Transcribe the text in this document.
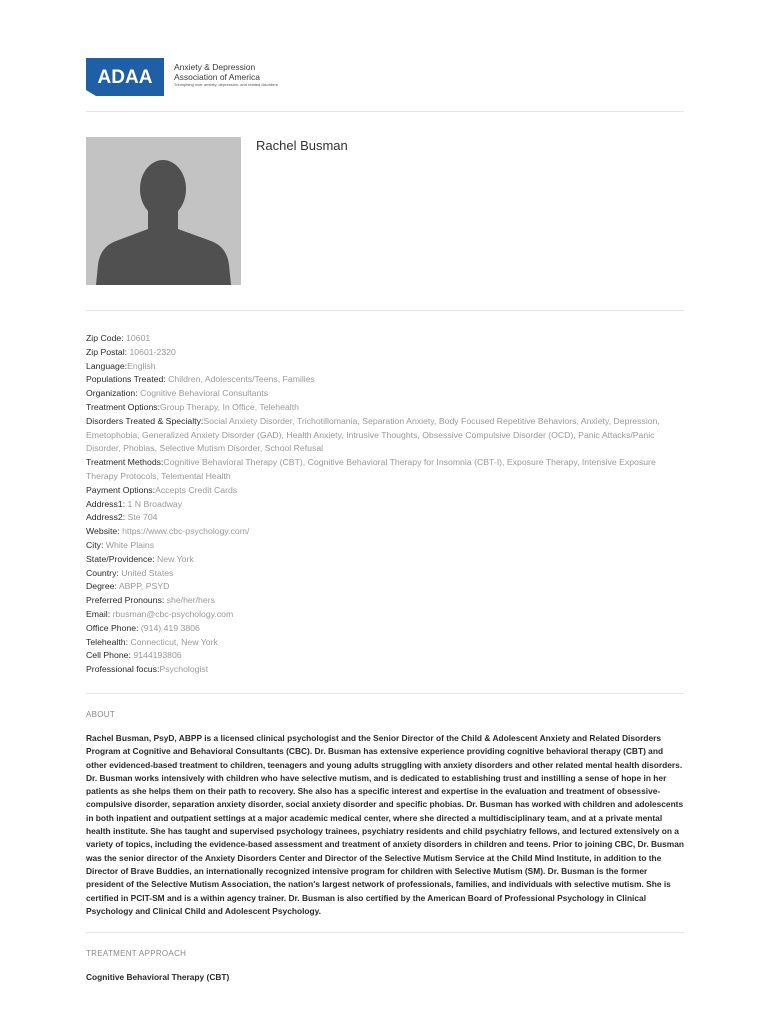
ADAA	Anxiety & Depression
Association of America
Triumphing over anxiety, depression, and related disorders
Rachel Busman
Zip Code: 10601
Zip Postal: 10601-2320
Language:English
Populations Treated: Children, Adolescents/Teens, Families
Organization: Cognitive Behavioral Consultants
Treatment Options:Group Therapy, In Office, Telehealth
Disorders Treated & Specialty:Social Anxiety Disorder, Trichotillomania, Separation Anxiety, Body Focused Repetitive Behaviors, Anxiety, Depression, Emetophobia, Generalized Anxiety Disorder (GAD), Health Anxiety, Intrusive Thoughts, Obsessive Compulsive Disorder (OCD), Panic Attacks/Panic Disorder, Phobias, Selective Mutism Disorder, School Refusal
Treatment Methods:Cognitive Behavioral Therapy (CBT), Cognitive Behavioral Therapy for Insomnia (CBT-I), Exposure Therapy, Intensive Exposure Therapy Protocols, Telemental Health
Payment Options:Accepts Credit Cards
Address1: 1 N Broadway
Address2: Ste 704
Website: https://www.cbc-psychology.com/
City: White Plains
State/Providence: New York
Country: United States
Degree: ABPP, PSYD
Preferred Pronouns: she/her/hers
Email: rbusman@cbc-psychology.com
Office Phone: (914) 419 3806
Telehealth: Connecticut, New York
Cell Phone: 9144193806
Professional focus:Psychologist
ABOUT

Rachel Busman, PsyD, ABPP is a licensed clinical psychologist and the Senior Director of the Child & Adolescent Anxiety and Related Disorders Program at Cognitive and Behavioral Consultants (CBC). Dr. Busman has extensive experience providing cognitive behavioral therapy (CBT) and other evidenced-based treatment to children, teenagers and young adults struggling with anxiety disorders and other related mental health disorders. Dr. Busman works intensively with children who have selective mutism, and is dedicated to establishing trust and instilling a sense of hope in her patients as she helps them on their path to recovery. She also has a specific interest and expertise in the evaluation and treatment of obsessive-compulsive disorder, separation anxiety disorder, social anxiety disorder and specific phobias. Dr. Busman has worked with children and adolescents in both inpatient and outpatient settings at a major academic medical center, where she directed a multidisciplinary team, and at a private mental health institute. She has taught and supervised psychology trainees, psychiatry residents and child psychiatry fellows, and lectured extensively on a variety of topics, including the evidence-based assessment and treatment of anxiety disorders in children and teens. Prior to joining CBC, Dr. Busman was the senior director of the Anxiety Disorders Center and Director of the Selective Mutism Service at the Child Mind Institute, in addition to the Director of Brave Buddies, an internationally recognized intensive program for children with Selective Mutism (SM). Dr. Busman is the former president of the Selective Mutism Association, the nation's largest network of professionals, families, and individuals with selective mutism. She is certified in PCIT-SM and is a within agency trainer. Dr. Busman is also certified by the American Board of Professional Psychology in Clinical Psychology and Clinical Child and Adolescent Psychology.

TREATMENT APPROACH
Cognitive Behavioral Therapy (CBT)
